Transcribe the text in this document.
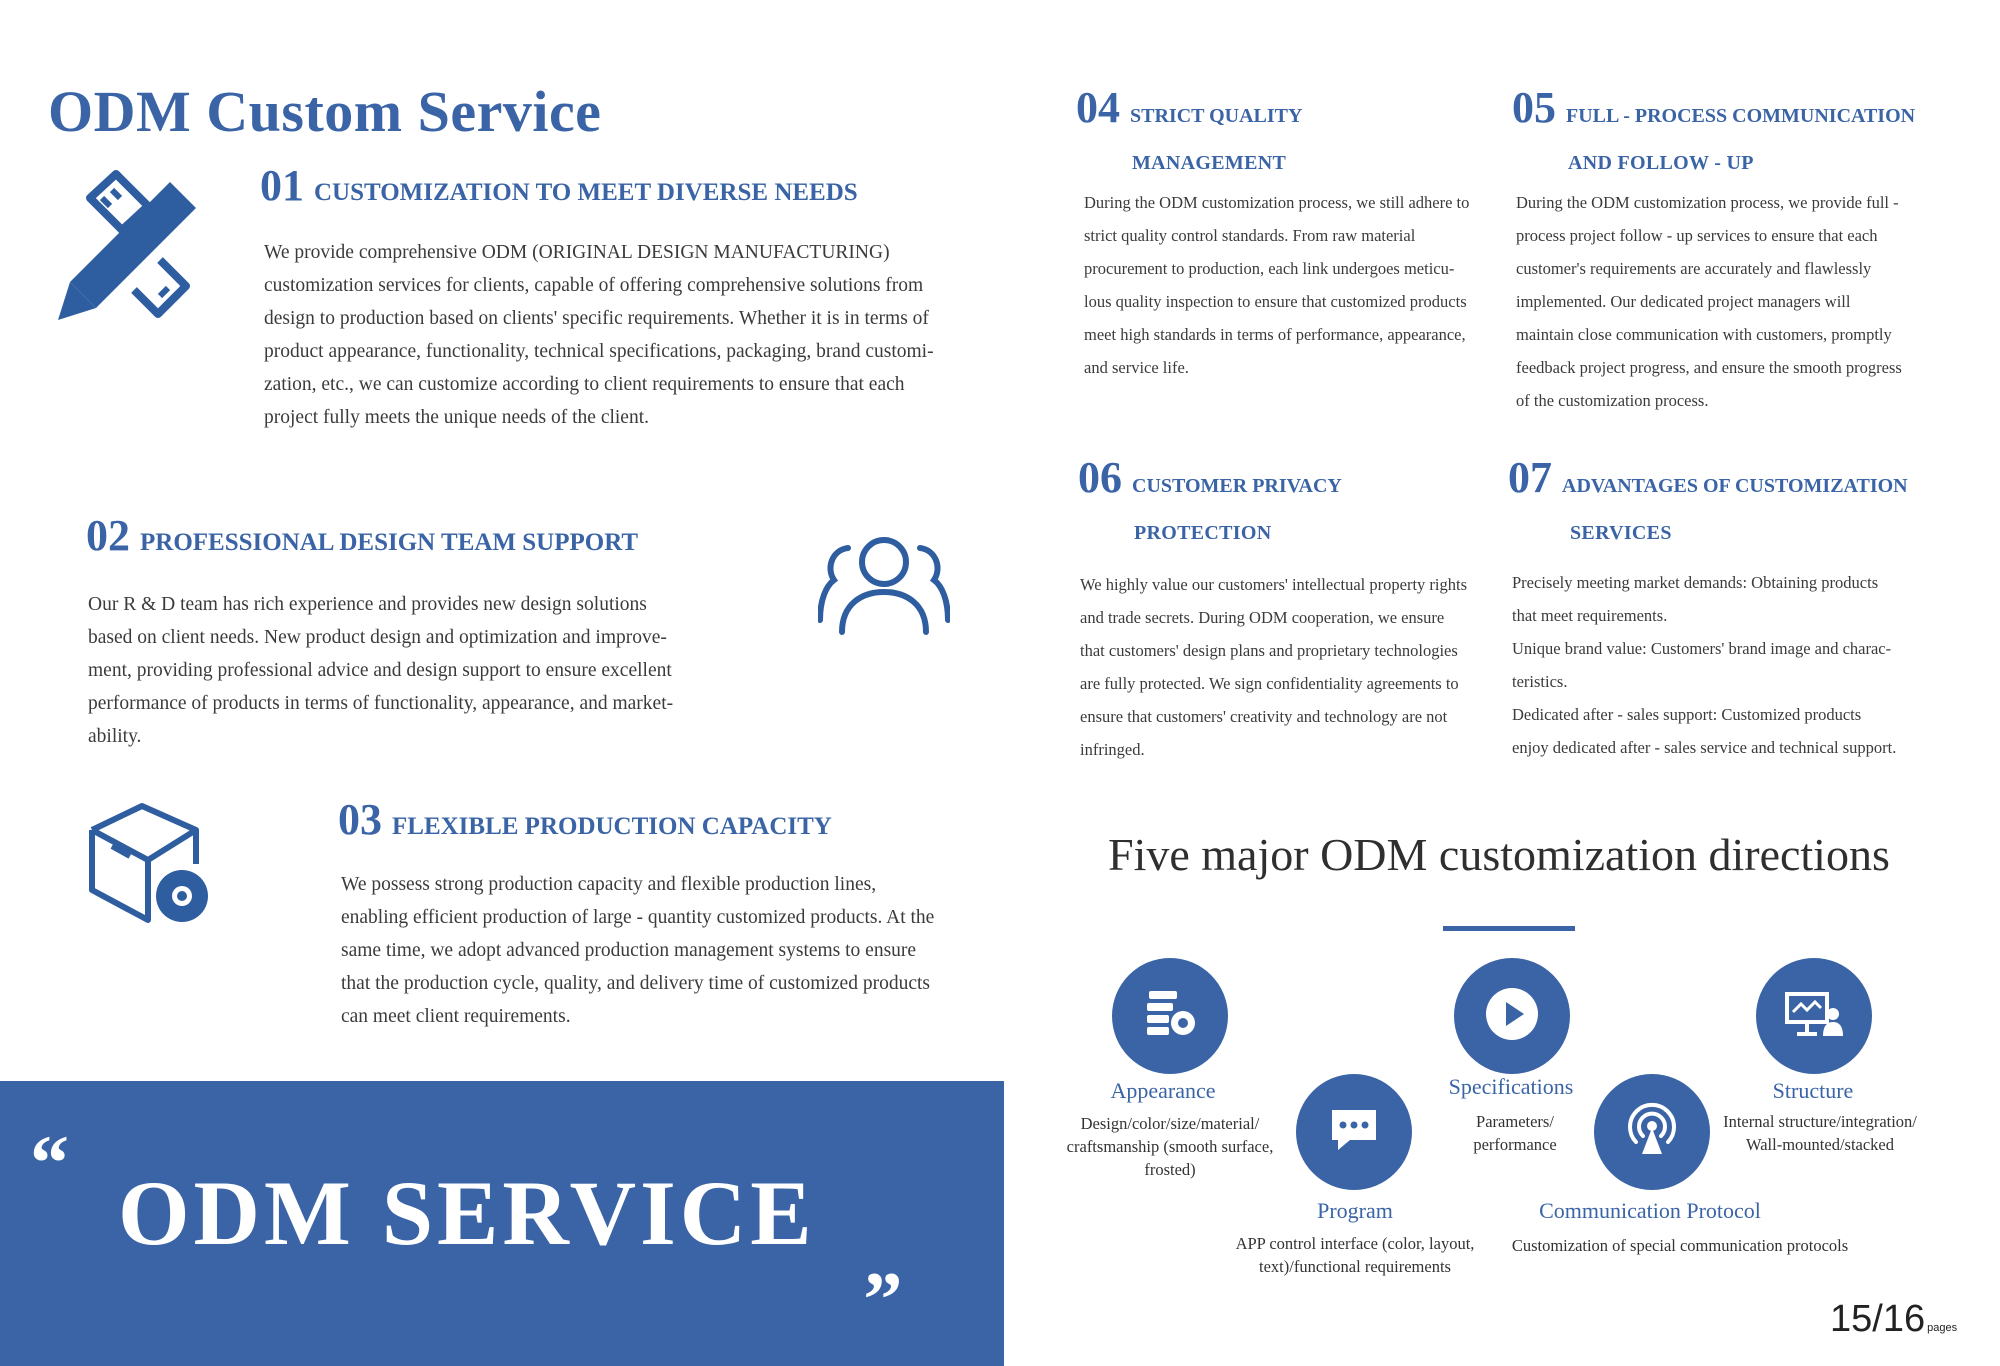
ODM Custom Service
01 CUSTOMIZATION TO MEET DIVERSE NEEDS
We provide comprehensive ODM (ORIGINAL DESIGN MANUFACTURING)
customization services for clients, capable of offering comprehensive solutions from
design to production based on clients' specific requirements. Whether it is in terms of
product appearance, functionality, technical specifications, packaging, brand customi-
zation, etc., we can customize according to client requirements to ensure that each
project fully meets the unique needs of the client.
02 PROFESSIONAL DESIGN TEAM SUPPORT
Our R & D team has rich experience and provides new design solutions
based on client needs. New product design and optimization and improve-
ment, providing professional advice and design support to ensure excellent
performance of products in terms of functionality, appearance, and market-
ability.
03 FLEXIBLE PRODUCTION CAPACITY
We possess strong production capacity and flexible production lines,
enabling efficient production of large - quantity customized products. At the
same time, we adopt advanced production management systems to ensure
that the production cycle, quality, and delivery time of customized products
can meet client requirements.
“ ODM SERVICE „
04 STRICT QUALITY
MANAGEMENT
During the ODM customization process, we still adhere to
strict quality control standards. From raw material
procurement to production, each link undergoes meticu-
lous quality inspection to ensure that customized products
meet high standards in terms of performance, appearance,
and service life.
05 FULL - PROCESS COMMUNICATION
AND FOLLOW - UP
During the ODM customization process, we provide full -
process project follow - up services to ensure that each
customer's requirements are accurately and flawlessly
implemented. Our dedicated project managers will
maintain close communication with customers, promptly
feedback project progress, and ensure the smooth progress
of the customization process.
06 CUSTOMER PRIVACY
PROTECTION
We highly value our customers' intellectual property rights
and trade secrets. During ODM cooperation, we ensure
that customers' design plans and proprietary technologies
are fully protected. We sign confidentiality agreements to
ensure that customers' creativity and technology are not
infringed.
07 ADVANTAGES OF CUSTOMIZATION
SERVICES
Precisely meeting market demands: Obtaining products
that meet requirements.
Unique brand value: Customers' brand image and charac-
teristics.
Dedicated after - sales support: Customized products
enjoy dedicated after - sales service and technical support.
Five major ODM customization directions
Appearance
Design/color/size/material/
craftsmanship (smooth surface,
frosted)
Program
APP control interface (color, layout,
text)/functional requirements
Specifications
Parameters/
performance
Communication Protocol
Customization of special communication protocols
Structure
Internal structure/integration/
Wall-mounted/stacked
15/16 pages
